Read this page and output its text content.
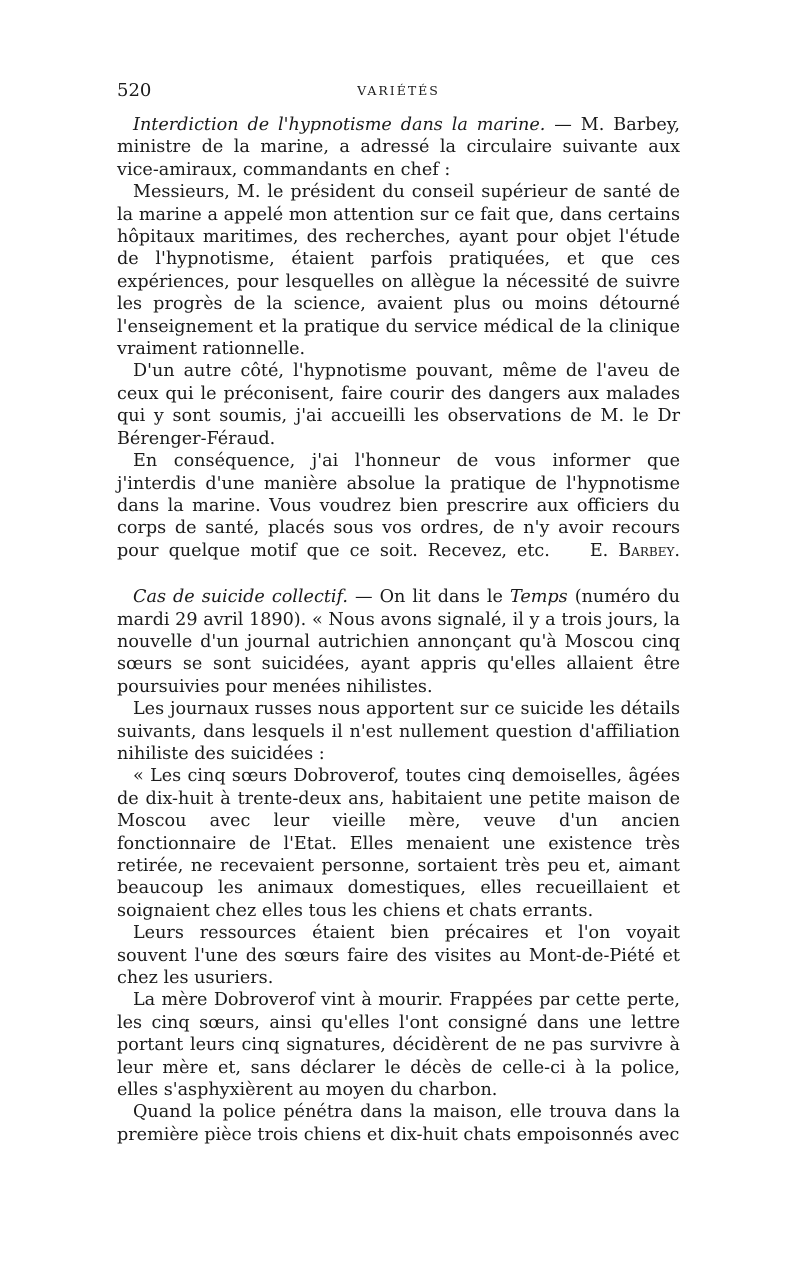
520	VARIÉTÉS

Interdiction de l'hypnotisme dans la marine. — M. Barbey, ministre de la marine, a adressé la circulaire suivante aux vice-amiraux, commandants en chef :

Messieurs, M. le président du conseil supérieur de santé de la marine a appelé mon attention sur ce fait que, dans certains hôpitaux maritimes, des recherches, ayant pour objet l'étude de l'hypnotisme, étaient parfois pratiquées, et que ces expériences, pour lesquelles on allègue la nécessité de suivre les progrès de la science, avaient plus ou moins détourné l'enseignement et la pratique du service médical de la clinique vraiment rationnelle.

D'un autre côté, l'hypnotisme pouvant, même de l'aveu de ceux qui le préconisent, faire courir des dangers aux malades qui y sont soumis, j'ai accueilli les observations de M. le Dr Bérenger-Féraud.

En conséquence, j'ai l'honneur de vous informer que j'interdis d'une manière absolue la pratique de l'hypnotisme dans la marine. Vous voudrez bien prescrire aux officiers du corps de santé, placés sous vos ordres, de n'y avoir recours pour quelque motif que ce soit. Recevez, etc. E. Barbey.

Cas de suicide collectif. — On lit dans le Temps (numéro du mardi 29 avril 1890). « Nous avons signalé, il y a trois jours, la nouvelle d'un journal autrichien annonçant qu'à Moscou cinq sœurs se sont suicidées, ayant appris qu'elles allaient être poursuivies pour menées nihilistes.

Les journaux russes nous apportent sur ce suicide les détails suivants, dans lesquels il n'est nullement question d'affiliation nihiliste des suicidées :

« Les cinq sœurs Dobroverof, toutes cinq demoiselles, âgées de dix-huit à trente-deux ans, habitaient une petite maison de Moscou avec leur vieille mère, veuve d'un ancien fonctionnaire de l'Etat. Elles menaient une existence très retirée, ne recevaient personne, sortaient très peu et, aimant beaucoup les animaux domestiques, elles recueillaient et soignaient chez elles tous les chiens et chats errants.

Leurs ressources étaient bien précaires et l'on voyait souvent l'une des sœurs faire des visites au Mont-de-Piété et chez les usuriers.

La mère Dobroverof vint à mourir. Frappées par cette perte, les cinq sœurs, ainsi qu'elles l'ont consigné dans une lettre portant leurs cinq signatures, décidèrent de ne pas survivre à leur mère et, sans déclarer le décès de celle-ci à la police, elles s'asphyxièrent au moyen du charbon.

Quand la police pénétra dans la maison, elle trouva dans la première pièce trois chiens et dix-huit chats empoisonnés avec
